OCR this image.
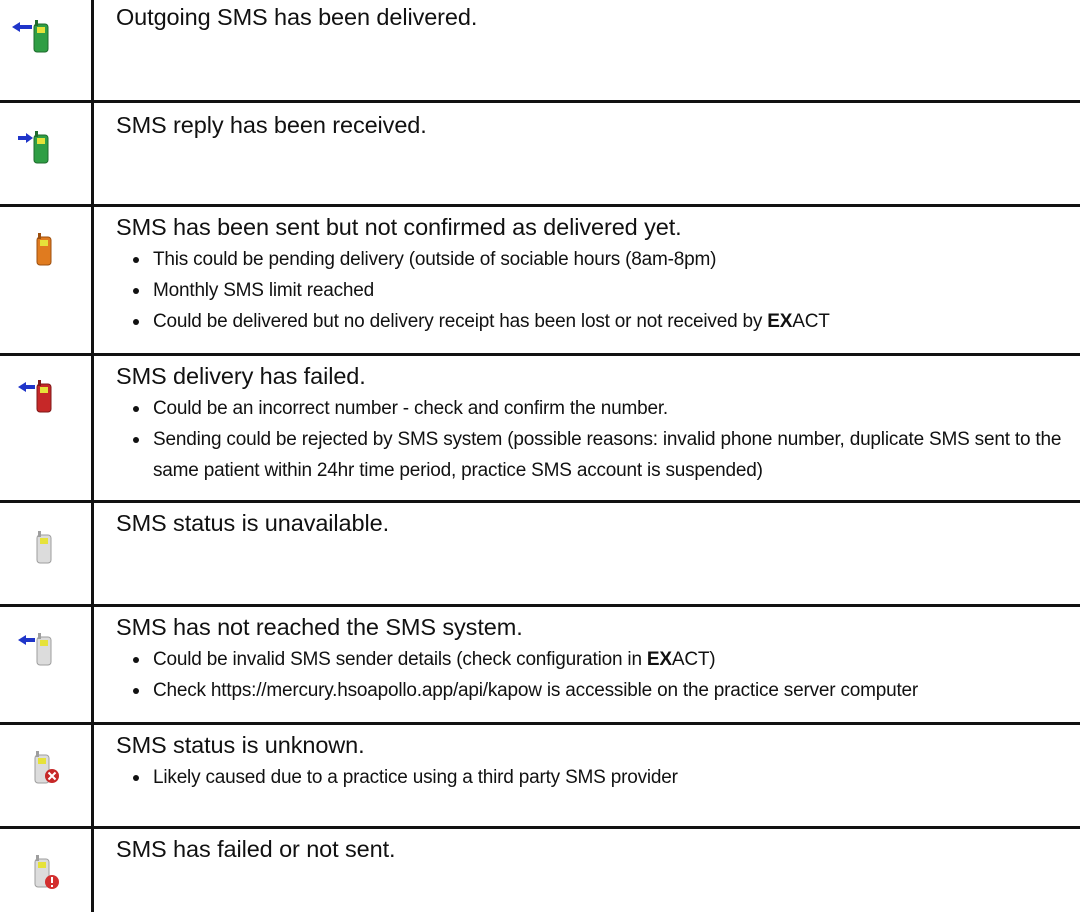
Outgoing SMS has been delivered.
SMS reply has been received.
SMS has been sent but not confirmed as delivered yet.
This could be pending delivery (outside of sociable hours (8am-8pm)
Monthly SMS limit reached
Could be delivered but no delivery receipt has been lost or not received by EXACT
SMS delivery has failed.
Could be an incorrect number - check and confirm the number.
Sending could be rejected by SMS system (possible reasons: invalid phone number, duplicate SMS sent to the same patient within 24hr time period, practice SMS account is suspended)
SMS status is unavailable.
SMS has not reached the SMS system.
Could be invalid SMS sender details (check configuration in EXACT)
Check https://mercury.hsoapollo.app/api/kapow is accessible on the practice server computer
SMS status is unknown.
Likely caused due to a practice using a third party SMS provider
SMS has failed or not sent.
